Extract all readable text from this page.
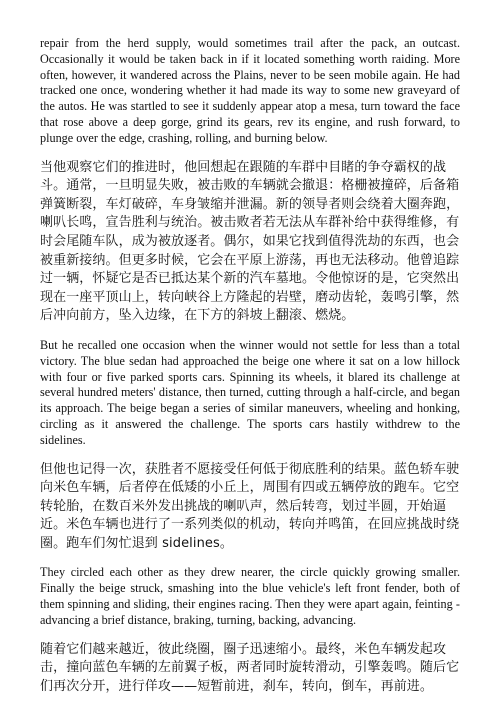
repair from the herd supply, would sometimes trail after the pack, an outcast. Occasionally it would be taken back in if it located something worth raiding. More often, however, it wandered across the Plains, never to be seen mobile again. He had tracked one once, wondering whether it had made its way to some new graveyard of the autos. He was startled to see it suddenly appear atop a mesa, turn toward the face that rose above a deep gorge, grind its gears, rev its engine, and rush forward, to plunge over the edge, crashing, rolling, and burning below.

当他观察它们的推进时，他回想起在跟随的车群中目睹的争夺霸权的战斗。通常，一旦明显失败，被击败的车辆就会撤退：格栅被撞碎，后备箱弹簧断裂，车灯破碎，车身皱缩并泄漏。新的领导者则会绕着大圈奔跑，喇叭长鸣，宣告胜利与统治。被击败者若无法从车群补给中获得维修，有时会尾随车队，成为被放逐者。偶尔，如果它找到值得洗劫的东西，也会被重新接纳。但更多时候，它会在平原上游荡，再也无法移动。他曾追踪过一辆，怀疑它是否已抵达某个新的汽车墓地。令他惊讶的是，它突然出现在一座平顶山上，转向峡谷上方隆起的岩壁，磨动齿轮，轰鸣引擎，然后冲向前方，坠入边缘，在下方的斜坡上翻滚、燃烧。

But he recalled one occasion when the winner would not settle for less than a total victory. The blue sedan had approached the beige one where it sat on a low hillock with four or five parked sports cars. Spinning its wheels, it blared its challenge at several hundred meters' distance, then turned, cutting through a half-circle, and began its approach. The beige began a series of similar maneuvers, wheeling and honking, circling as it answered the challenge. The sports cars hastily withdrew to the sidelines.

但他也记得一次，获胜者不愿接受任何低于彻底胜利的结果。蓝色轿车驶向米色车辆，后者停在低矮的小丘上，周围有四或五辆停放的跑车。它空转轮胎，在数百米外发出挑战的喇叭声，然后转弯，划过半圆，开始逼近。米色车辆也进行了一系列类似的机动，转向并鸣笛，在回应挑战时绕圈。跑车们匆忙退到 sidelines。

They circled each other as they drew nearer, the circle quickly growing smaller. Finally the beige struck, smashing into the blue vehicle's left front fender, both of them spinning and sliding, their engines racing. Then they were apart again, feinting -advancing a brief distance, braking, turning, backing, advancing.

随着它们越来越近，彼此绕圈，圈子迅速缩小。最终，米色车辆发起攻击，撞向蓝色车辆的左前翼子板，两者同时旋转滑动，引擎轰鸣。随后它们再次分开，进行佯攻——短暂前进，刹车，转向，倒车，再前进。
